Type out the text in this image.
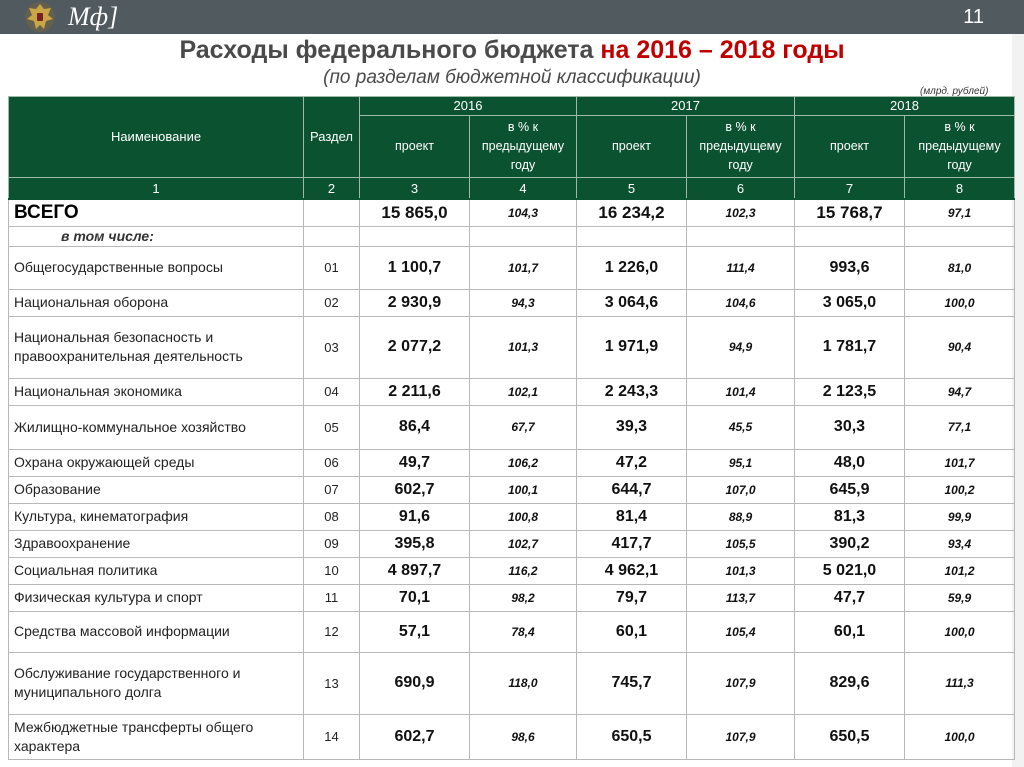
Мф]	11
Расходы федерального бюджета на 2016 – 2018 годы
(по разделам бюджетной классификации)
(млрд. рублей)
Наименование	Раздел	2016		2017		2018	
		проект	в % к предыдущему году	проект	в % к предыдущему году	проект	в % к предыдущему году
1	2	3	4	5	6	7	8
ВСЕГО		15 865,0	104,3	16 234,2	102,3	15 768,7	97,1
в том числе:							
Общегосударственные вопросы	01	1 100,7	101,7	1 226,0	111,4	993,6	81,0
Национальная оборона	02	2 930,9	94,3	3 064,6	104,6	3 065,0	100,0
Национальная безопасность и правоохранительная деятельность	03	2 077,2	101,3	1 971,9	94,9	1 781,7	90,4
Национальная экономика	04	2 211,6	102,1	2 243,3	101,4	2 123,5	94,7
Жилищно-коммунальное хозяйство	05	86,4	67,7	39,3	45,5	30,3	77,1
Охрана окружающей среды	06	49,7	106,2	47,2	95,1	48,0	101,7
Образование	07	602,7	100,1	644,7	107,0	645,9	100,2
Культура, кинематография	08	91,6	100,8	81,4	88,9	81,3	99,9
Здравоохранение	09	395,8	102,7	417,7	105,5	390,2	93,4
Социальная политика	10	4 897,7	116,2	4 962,1	101,3	5 021,0	101,2
Физическая культура и спорт	11	70,1	98,2	79,7	113,7	47,7	59,9
Средства массовой информации	12	57,1	78,4	60,1	105,4	60,1	100,0
Обслуживание государственного и муниципального долга	13	690,9	118,0	745,7	107,9	829,6	111,3
Межбюджетные трансферты общего характера	14	602,7	98,6	650,5	107,9	650,5	100,0
